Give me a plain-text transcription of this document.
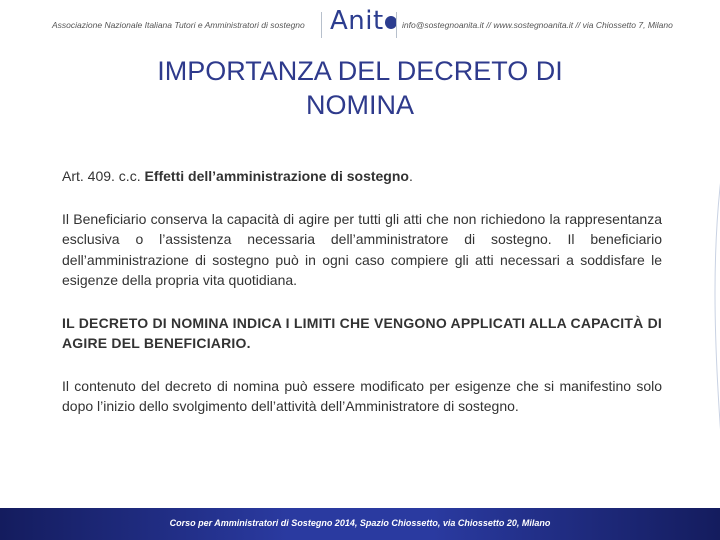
Associazione Nazionale Italiana Tutori e Amministratori di sostegno Anit	info@sostegnoanita.it // www.sostegnoanita.it // via Chiossetto 7, Milano
IMPORTANZA DEL DECRETO DI
NOMINA

Art. 409. c.c. Effetti dell’amministrazione di sostegno.

Il Beneficiario conserva la capacità di agire per tutti gli atti che non richiedono la rappresentanza esclusiva o l’assistenza necessaria dell’amministratore di sostegno. Il beneficiario dell’amministrazione di sostegno può in ogni caso compiere gli atti necessari a soddisfare le esigenze della propria vita quotidiana.

IL DECRETO DI NOMINA INDICA I LIMITI CHE VENGONO APPLICATI ALLA CAPACITÀ DI AGIRE DEL BENEFICIARIO.

Il contenuto del decreto di nomina può essere modificato per esigenze che si manifestino solo dopo l’inizio dello svolgimento dell’attività dell’Amministratore di sostegno.

Corso per Amministratori di Sostegno 2014, Spazio Chiossetto, via Chiossetto 20, Milano
